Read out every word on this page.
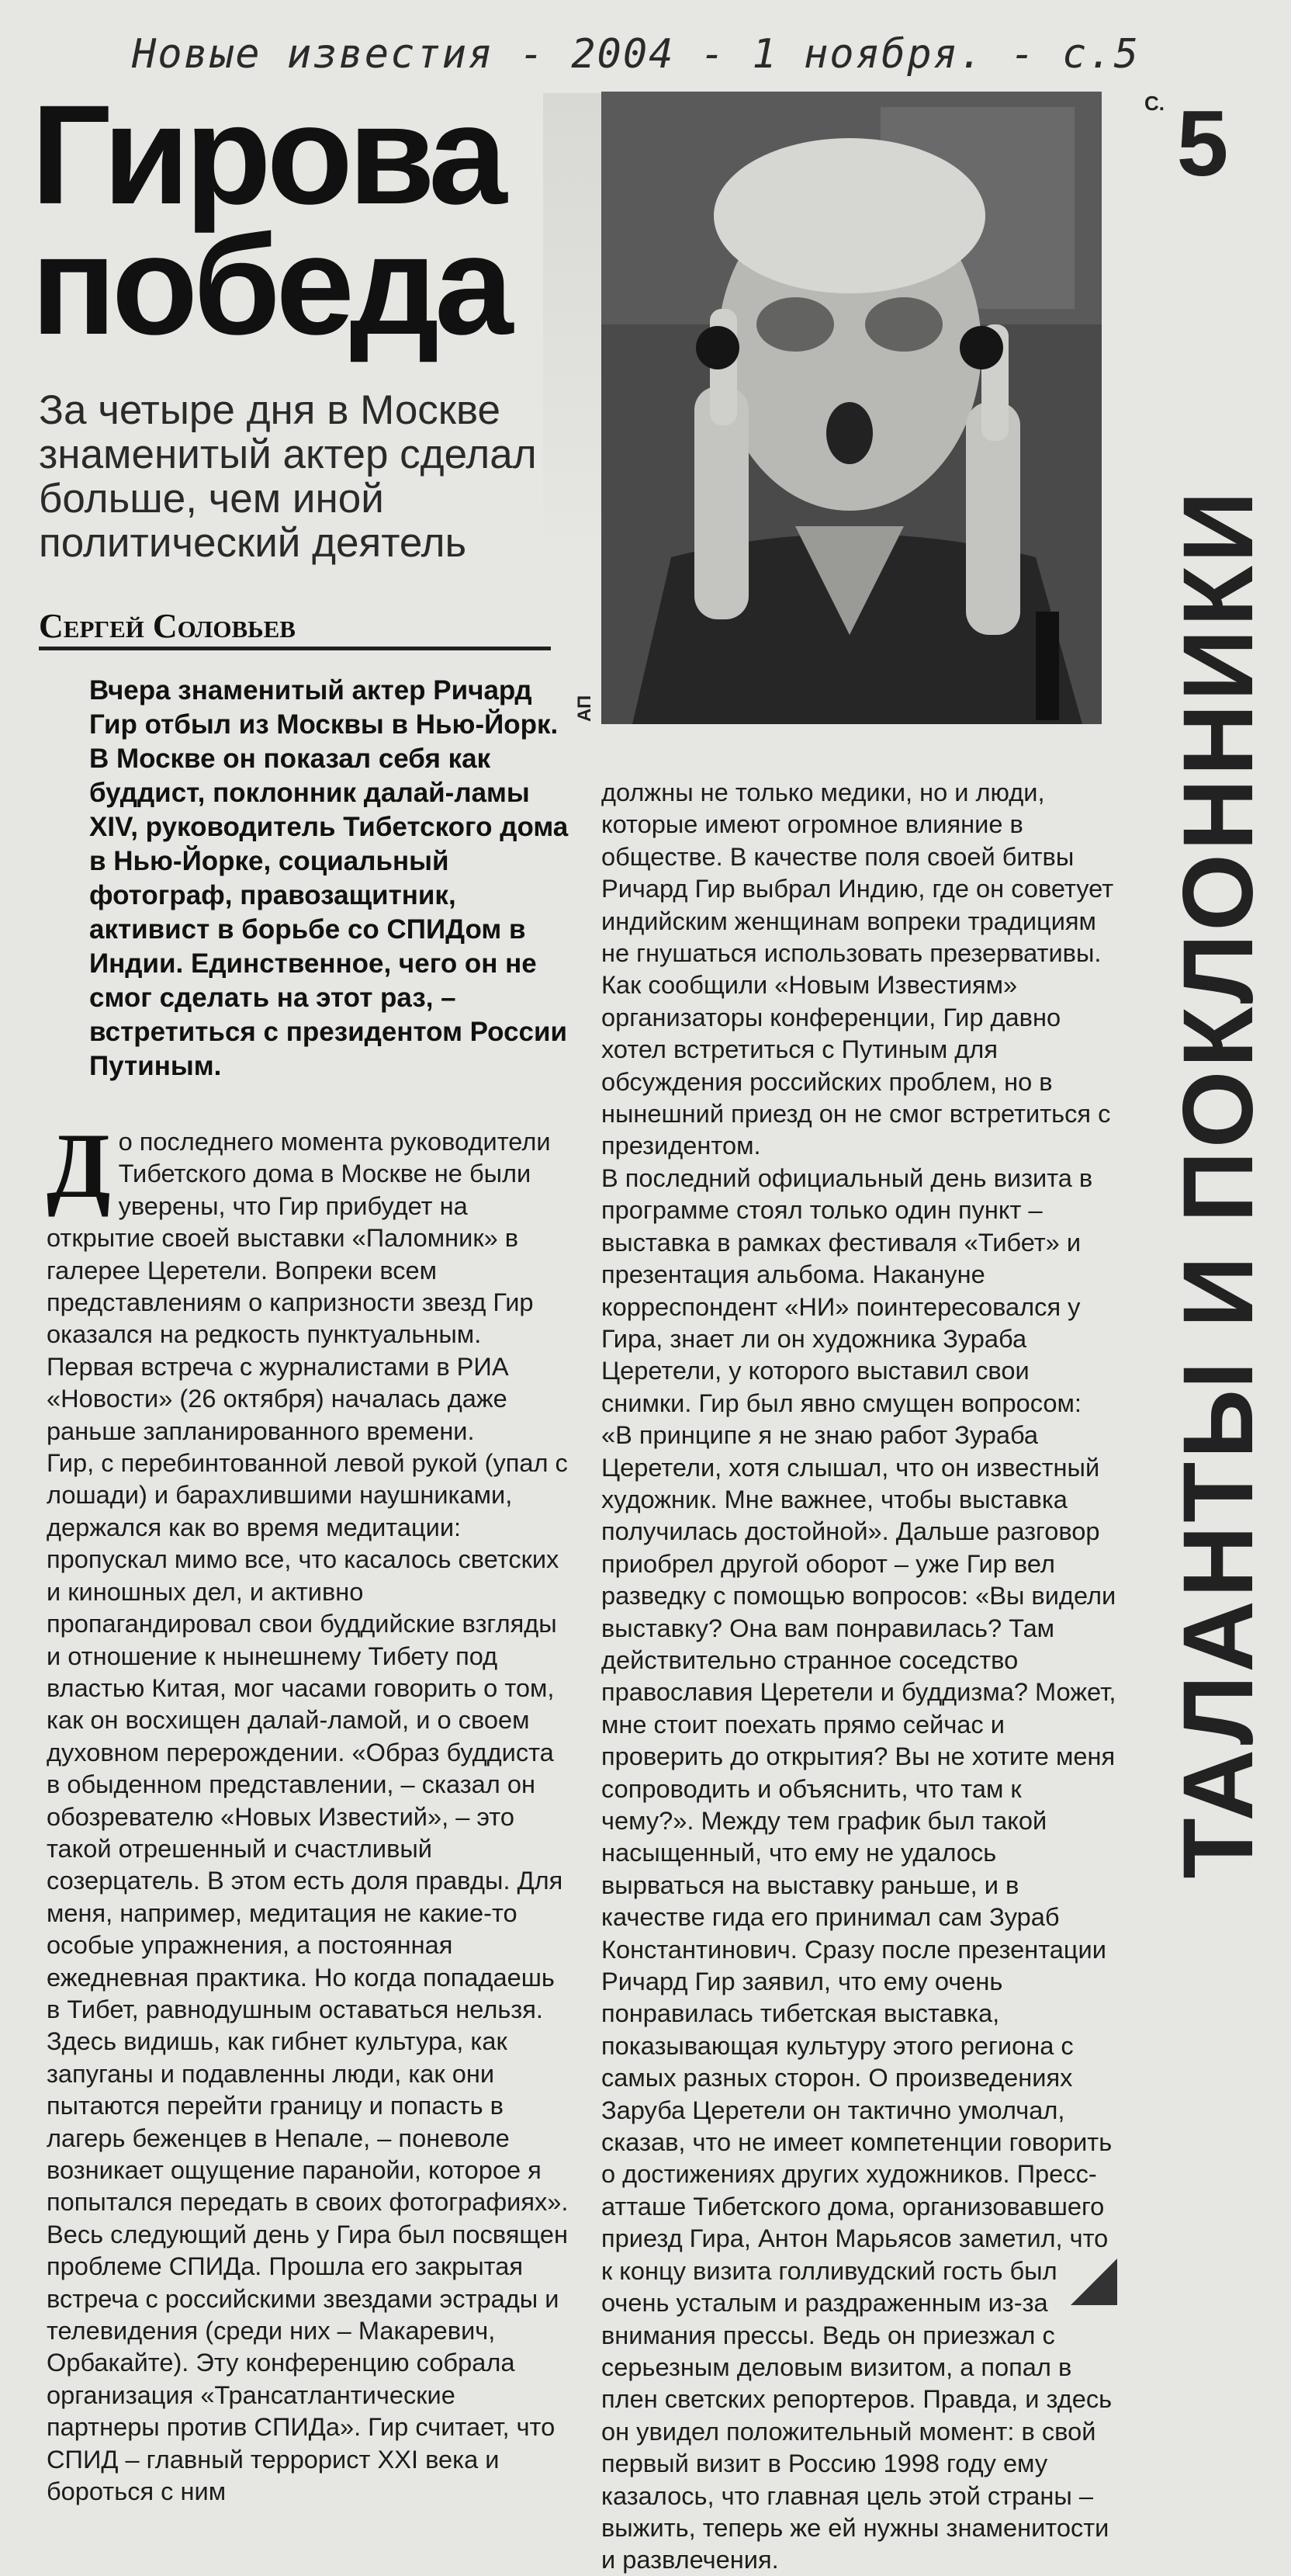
Новые известия - 2004 - 1 ноября. - с.5
Гирова
победа
За четыре дня в Москве знаменитый актер сделал больше, чем иной политический деятель
Сергей Соловьев
Вчера знаменитый актер Ричард Гир отбыл из Москвы в Нью-Йорк. В Москве он показал себя как буддист, поклонник далай-ламы XIV, руководитель Тибетского дома в Нью-Йорке, социальный фотограф, правозащитник, активист в борьбе со СПИДом в Индии. Единственное, чего он не смог сделать на этот раз, – встретиться с президентом России Путиным.
АП
С. 5
ТАЛАНТЫ И ПОКЛОННИКИ
Д о последнего момента руководители Тибетского дома в Москве не были уверены, что Гир прибудет на открытие своей выставки «Паломник» в галерее Церетели. Вопреки всем представлениям о капризности звезд Гир оказался на редкость пунктуальным. Первая встреча с журналистами в РИА «Новости» (26 октября) началась даже раньше запланированного времени.

Гир, с перебинтованной левой рукой (упал с лошади) и барахлившими наушниками, держался как во время медитации: пропускал мимо все, что касалось светских и киношных дел, и активно пропагандировал свои буддийские взгляды и отношение к нынешнему Тибету под властью Китая, мог часами говорить о том, как он восхищен далай-ламой, и о своем духовном перерождении. «Образ буддиста в обыденном представлении, – сказал он обозревателю «Новых Известий», – это такой отрешенный и счастливый созерцатель. В этом есть доля правды. Для меня, например, медитация не какие-то особые упражнения, а постоянная ежедневная практика. Но когда попадаешь в Тибет, равнодушным оставаться нельзя. Здесь видишь, как гибнет культура, как запуганы и подавленны люди, как они пытаются перейти границу и попасть в лагерь беженцев в Непале, – поневоле возникает ощущение паранойи, которое я попытался передать в своих фотографиях».

Весь следующий день у Гира был посвящен проблеме СПИДа. Прошла его закрытая встреча с российскими звездами эстрады и телевидения (среди них – Макаревич, Орбакайте). Эту конференцию собрала организация «Трансатлантические партнеры против СПИДа». Гир считает, что СПИД – главный террорист XXI века и бороться с ним

должны не только медики, но и люди, которые имеют огромное влияние в обществе. В качестве поля своей битвы Ричард Гир выбрал Индию, где он советует индийским женщинам вопреки традициям не гнушаться использовать презервативы. Как сообщили «Новым Известиям» организаторы конференции, Гир давно хотел встретиться с Путиным для обсуждения российских проблем, но в нынешний приезд он не смог встретиться с президентом.

В последний официальный день визита в программе стоял только один пункт – выставка в рамках фестиваля «Тибет» и презентация альбома. Накануне корреспондент «НИ» поинтересовался у Гира, знает ли он художника Зураба Церетели, у которого выставил свои снимки. Гир был явно смущен вопросом: «В принципе я не знаю работ Зураба Церетели, хотя слышал, что он известный художник. Мне важнее, чтобы выставка получилась достойной». Дальше разговор приобрел другой оборот – уже Гир вел разведку с помощью вопросов: «Вы видели выставку? Она вам понравилась? Там действительно странное соседство православия Церетели и буддизма? Может, мне стоит поехать прямо сейчас и проверить до открытия? Вы не хотите меня сопроводить и объяснить, что там к чему?». Между тем график был такой насыщенный, что ему не удалось вырваться на выставку раньше, и в качестве гида его принимал сам Зураб Константинович. Сразу после презентации Ричард Гир заявил, что ему очень понравилась тибетская выставка, показывающая культуру этого региона с самых разных сторон. О произведениях Заруба Церетели он тактично умолчал, сказав, что не имеет компетенции говорить о достижениях других художников. Пресс-атташе Тибетского дома, организовавшего приезд Гира, Антон Марьясов заметил, что к концу визита голливудский гость был очень усталым и раздраженным из-за внимания прессы. Ведь он приезжал с серьезным деловым визитом, а попал в плен светских репортеров. Правда, и здесь он увидел положительный момент: в свой первый визит в Россию 1998 году ему казалось, что главная цель этой страны – выжить, теперь же ей нужны знаменитости и развлечения.
